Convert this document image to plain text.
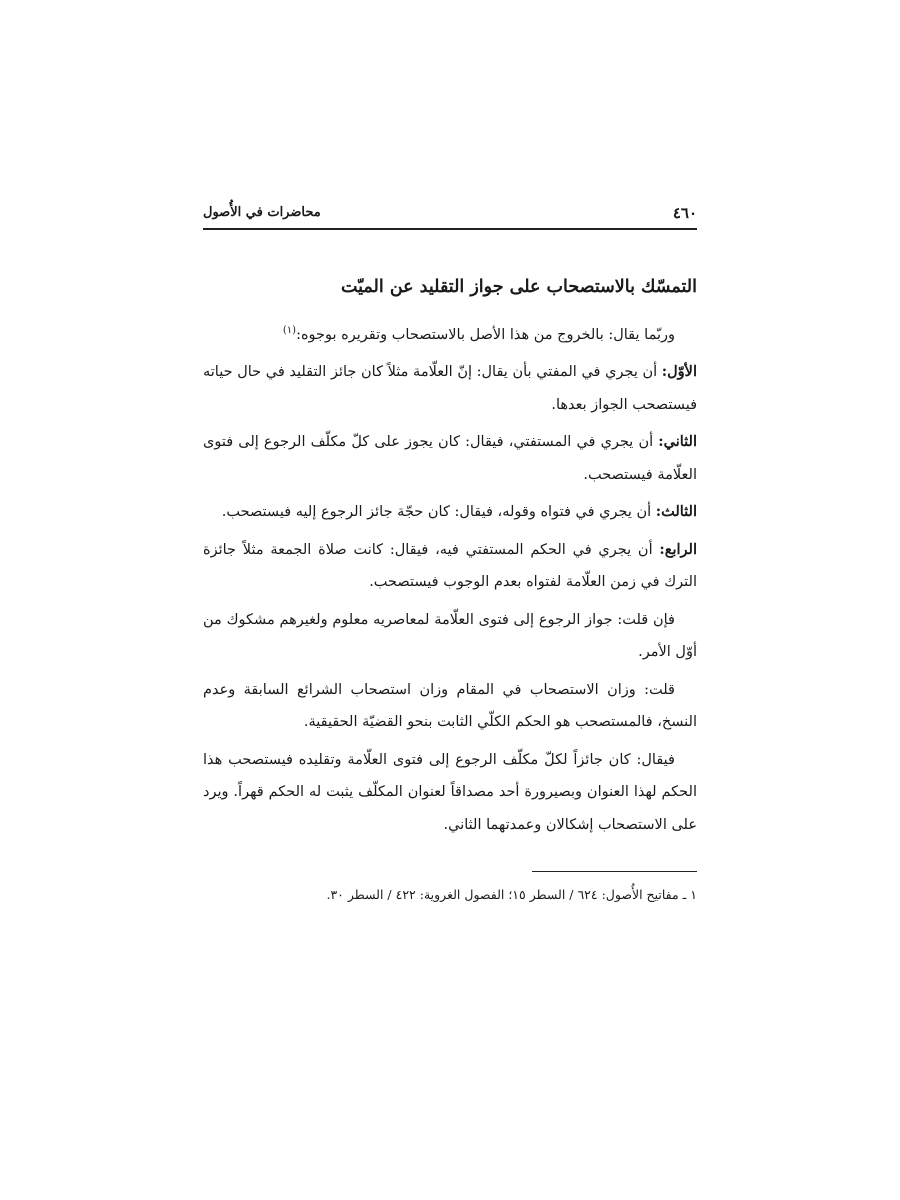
٤٦٠
محاضرات في الأُصول
التمسّك بالاستصحاب على جواز التقليد عن الميّت

وربّما يقال: بالخروج من هذا الأصل بالاستصحاب وتقريره بوجوه:$^{(١)}$

الأوّل: أن يجري في المفتي بأن يقال: إنّ العلّامة مثلاً كان جائز التقليد في حال حياته فيستصحب الجواز بعدها.

الثاني: أن يجري في المستفتي، فيقال: كان يجوز على كلّ مكلّف الرجوع إلى فتوى العلّامة فيستصحب.

الثالث: أن يجري في فتواه وقوله، فيقال: كان حجّة جائز الرجوع إليه فيستصحب.

الرابع: أن يجري في الحكم المستفتي فيه، فيقال: كانت صلاة الجمعة مثلاً جائزة الترك في زمن العلّامة لفتواه بعدم الوجوب فيستصحب.

فإن قلت: جواز الرجوع إلى فتوى العلّامة لمعاصريه معلوم ولغيرهم مشكوك من أوّل الأمر.

قلت: وزان الاستصحاب في المقام وزان استصحاب الشرائع السابقة وعدم النسخ، فالمستصحب هو الحكم الكلّي الثابت بنحو القضيّة الحقيقية.

فيقال: كان جائزاً لكلّ مكلّف الرجوع إلى فتوى العلّامة وتقليده فيستصحب هذا الحكم لهذا العنوان وبصيرورة أحد مصداقاً لعنوان المكلّف يثبت له الحكم قهراً. ويرد على الاستصحاب إشكالان وعمدتهما الثاني.

١ ـ مفاتيح الأُصول: ٦٢٤ / السطر ١٥؛ الفصول الغروية: ٤٢٢ / السطر ٣٠.
